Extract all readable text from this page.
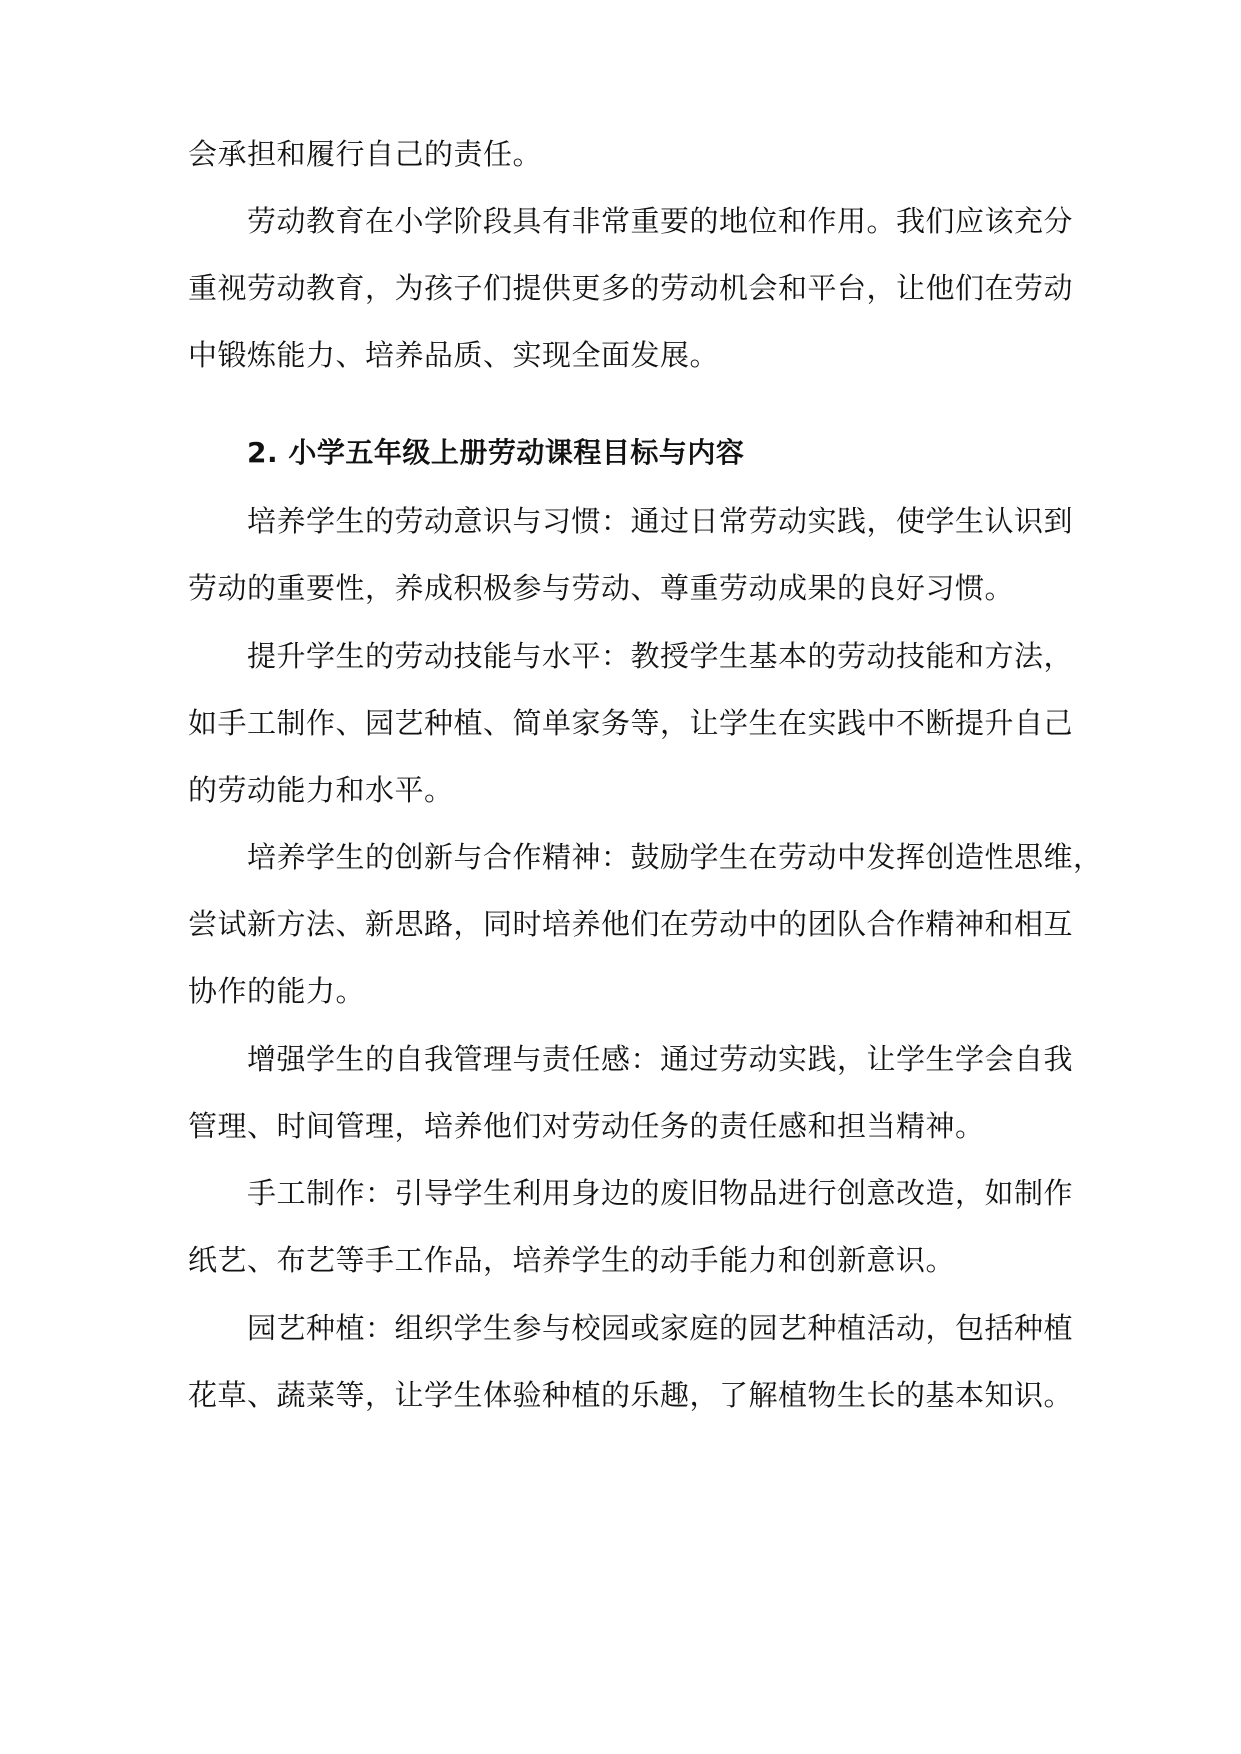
会承担和履行自己的责任。
劳动教育在小学阶段具有非常重要的地位和作用。我们应该充分
重视劳动教育，为孩子们提供更多的劳动机会和平台，让他们在劳动
中锻炼能力、培养品质、实现全面发展。
2. 小学五年级上册劳动课程目标与内容
培养学生的劳动意识与习惯：通过日常劳动实践，使学生认识到
劳动的重要性，养成积极参与劳动、尊重劳动成果的良好习惯。
提升学生的劳动技能与水平：教授学生基本的劳动技能和方法，
如手工制作、园艺种植、简单家务等，让学生在实践中不断提升自己
的劳动能力和水平。
培养学生的创新与合作精神：鼓励学生在劳动中发挥创造性思维，
尝试新方法、新思路，同时培养他们在劳动中的团队合作精神和相互
协作的能力。
增强学生的自我管理与责任感：通过劳动实践，让学生学会自我
管理、时间管理，培养他们对劳动任务的责任感和担当精神。
手工制作：引导学生利用身边的废旧物品进行创意改造，如制作
纸艺、布艺等手工作品，培养学生的动手能力和创新意识。
园艺种植：组织学生参与校园或家庭的园艺种植活动，包括种植
花草、蔬菜等，让学生体验种植的乐趣，了解植物生长的基本知识。
